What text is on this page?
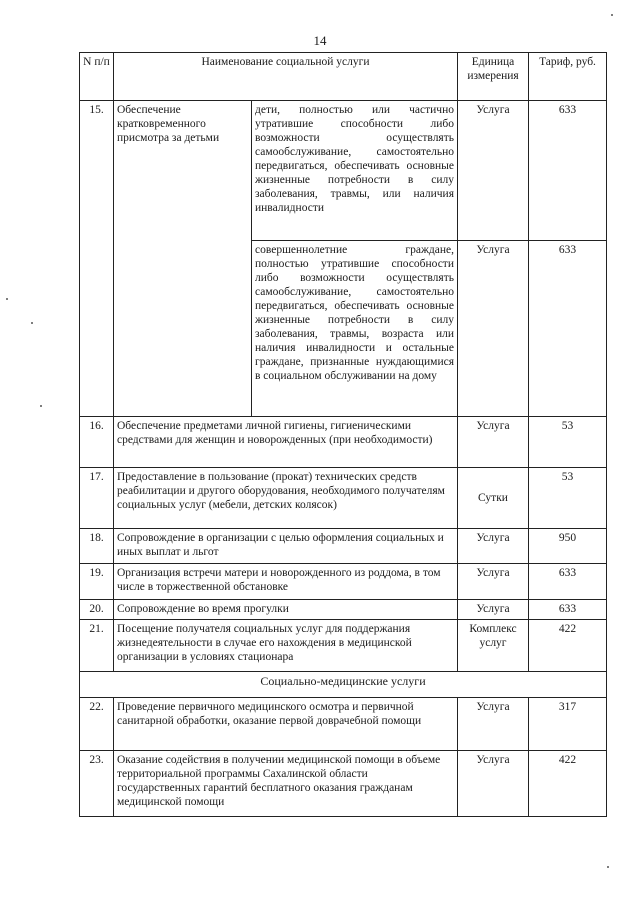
14
N п/п	Наименование социальной услуги		Единица измерения	Тариф, руб.
15.	Обеспечение кратковременного присмотра за детьми	дети, полностью или частично утратившие способности либо возможности осуществлять самообслуживание, самостоятельно передвигаться, обеспечивать основные жизненные потребности в силу заболевания, травмы, или наличия инвалидности	Услуга	633
		совершеннолетние граждане, полностью утратившие способности либо возможности осуществлять самообслуживание, самостоятельно передвигаться, обеспечивать основные жизненные потребности в силу заболевания, травмы, возраста или наличия инвалидности и остальные граждане, признанные нуждающимися в социальном обслуживании на дому	Услуга	633
16.	Обеспечение предметами личной гигиены, гигиеническими средствами для женщин и новорожденных (при необходимости)		Услуга	53
17.	Предоставление в пользование (прокат) технических средств реабилитации и другого оборудования, необходимого получателям социальных услуг (мебели, детских колясок)		Сутки	53
18.	Сопровождение в организации с целью оформления социальных и иных выплат и льгот		Услуга	950
19.	Организация встречи матери и новорожденного из роддома, в том числе в торжественной обстановке		Услуга	633
20.	Сопровождение во время прогулки		Услуга	633
21.	Посещение получателя социальных услуг для поддержания жизнедеятельности в случае его нахождения в медицинской организации в условиях стационара		Комплекс услуг	422
Социально-медицинские услуги				
22.	Проведение первичного медицинского осмотра и первичной санитарной обработки, оказание первой доврачебной помощи		Услуга	317
23.	Оказание содействия в получении медицинской помощи в объеме территориальной программы Сахалинской области государственных гарантий бесплатного оказания гражданам медицинской помощи		Услуга	422
